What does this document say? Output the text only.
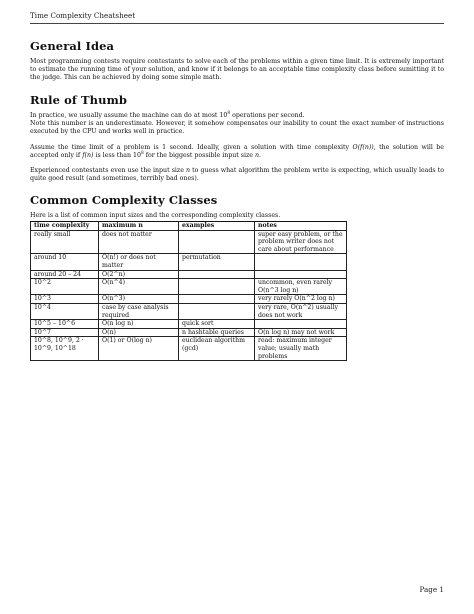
Time Complexity Cheatsheet
General Idea

Most programming contests require contestants to solve each of the problems within a given time limit. It is extremely important to estimate the running time of your solution, and know if it belongs to an acceptable time complexity class before sumitting it to the judge. This can be achieved by doing some simple math.

Rule of Thumb

In practice, we usually assume the machine can do at most $10^8$ operations per second.

Note this number is an underestimate. However, it somehow compensates our inability to count the exact number of instructions executed by the CPU and works well in practice.

Assume the time limit of a problem is 1 second. Ideally, given a solution with time complexity O(f(n)), the solution will be accepted only if f(n) is less than $10^8$ for the biggest possible input size n.

Experienced contestants even use the input size n to guess what algorithm the problem write is expecting, which usually leads to quite good result (and sometimes, terribly bad ones).

Common Complexity Classes

Here is a list of common input sizes and the corresponding complexity classes.

time complexity	maximum n	examples	notes
really small	does not matter		super easy problem, or the problem writer does not care about performance
around 10	O(n!) or does not matter	permutation	
around 20 – 24	O(2^n)		
10^2	O(n^4)		uncommon, even rarely O(n^3 log n)
10^3	O(n^3)		very rarely O(n^2 log n)
10^4	case by case analysis required		very rare, O(n^2) usually does not work
10^5 – 10^6	O(n log n)	quick sort	
10^7	O(n)	n hashtable queries	O(n log n) may not work
10^8, 10^9, 2 · 10^9, 10^18	O(1) or O(log n)	euclidean algorithm (gcd)	read: maximum integer value; usually math problems
Page 1
